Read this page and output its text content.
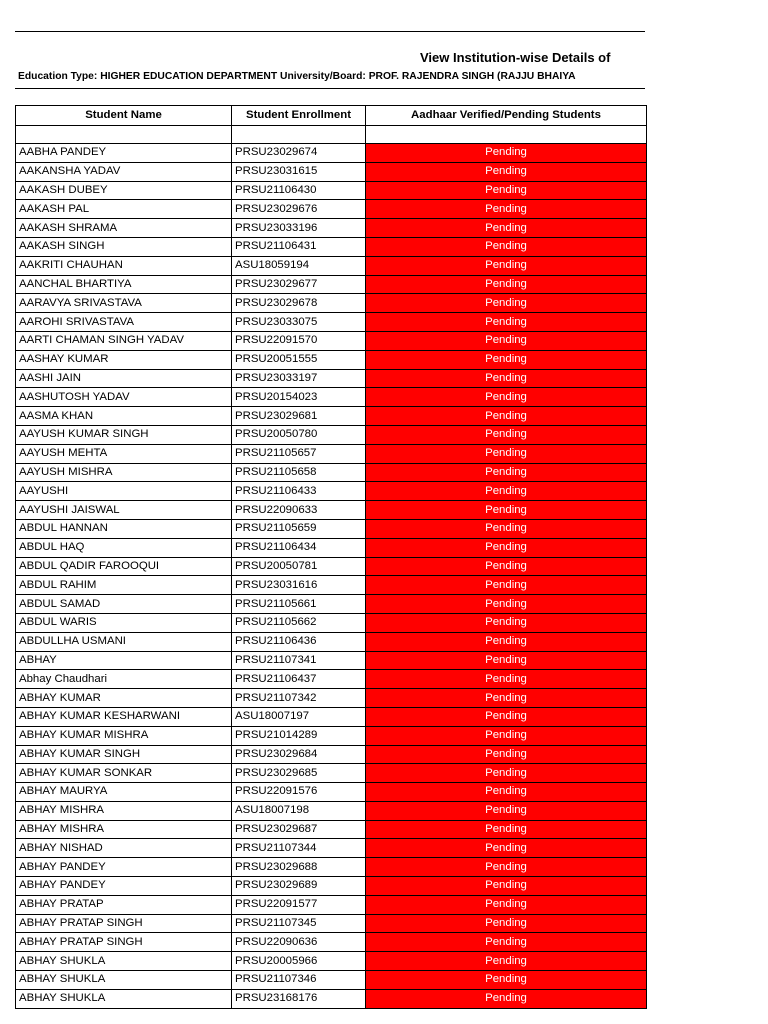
View Institution-wise Details of
Education Type: HIGHER EDUCATION DEPARTMENT University/Board: PROF. RAJENDRA SINGH (RAJJU BHAIYA
Student Name	Student Enrollment	Aadhaar Verified/Pending Students

AABHA PANDEY	PRSU23029674	Pending
AAKANSHA YADAV	PRSU23031615	Pending
AAKASH DUBEY	PRSU21106430	Pending
AAKASH PAL	PRSU23029676	Pending
AAKASH SHRAMA	PRSU23033196	Pending
AAKASH SINGH	PRSU21106431	Pending
AAKRITI CHAUHAN	ASU18059194	Pending
AANCHAL BHARTIYA	PRSU23029677	Pending
AARAVYA SRIVASTAVA	PRSU23029678	Pending
AAROHI SRIVASTAVA	PRSU23033075	Pending
AARTI CHAMAN SINGH YADAV	PRSU22091570	Pending
AASHAY KUMAR	PRSU20051555	Pending
AASHI JAIN	PRSU23033197	Pending
AASHUTOSH YADAV	PRSU20154023	Pending
AASMA KHAN	PRSU23029681	Pending
AAYUSH KUMAR SINGH	PRSU20050780	Pending
AAYUSH MEHTA	PRSU21105657	Pending
AAYUSH MISHRA	PRSU21105658	Pending
AAYUSHI	PRSU21106433	Pending
AAYUSHI JAISWAL	PRSU22090633	Pending
ABDUL HANNAN	PRSU21105659	Pending
ABDUL HAQ	PRSU21106434	Pending
ABDUL QADIR FAROOQUI	PRSU20050781	Pending
ABDUL RAHIM	PRSU23031616	Pending
ABDUL SAMAD	PRSU21105661	Pending
ABDUL WARIS	PRSU21105662	Pending
ABDULLHA USMANI	PRSU21106436	Pending
ABHAY	PRSU21107341	Pending
Abhay Chaudhari	PRSU21106437	Pending
ABHAY KUMAR	PRSU21107342	Pending
ABHAY KUMAR KESHARWANI	ASU18007197	Pending
ABHAY KUMAR MISHRA	PRSU21014289	Pending
ABHAY KUMAR SINGH	PRSU23029684	Pending
ABHAY KUMAR SONKAR	PRSU23029685	Pending
ABHAY MAURYA	PRSU22091576	Pending
ABHAY MISHRA	ASU18007198	Pending
ABHAY MISHRA	PRSU23029687	Pending
ABHAY NISHAD	PRSU21107344	Pending
ABHAY PANDEY	PRSU23029688	Pending
ABHAY PANDEY	PRSU23029689	Pending
ABHAY PRATAP	PRSU22091577	Pending
ABHAY PRATAP SINGH	PRSU21107345	Pending
ABHAY PRATAP SINGH	PRSU22090636	Pending
ABHAY SHUKLA	PRSU20005966	Pending
ABHAY SHUKLA	PRSU21107346	Pending
ABHAY SHUKLA	PRSU23168176	Pending
